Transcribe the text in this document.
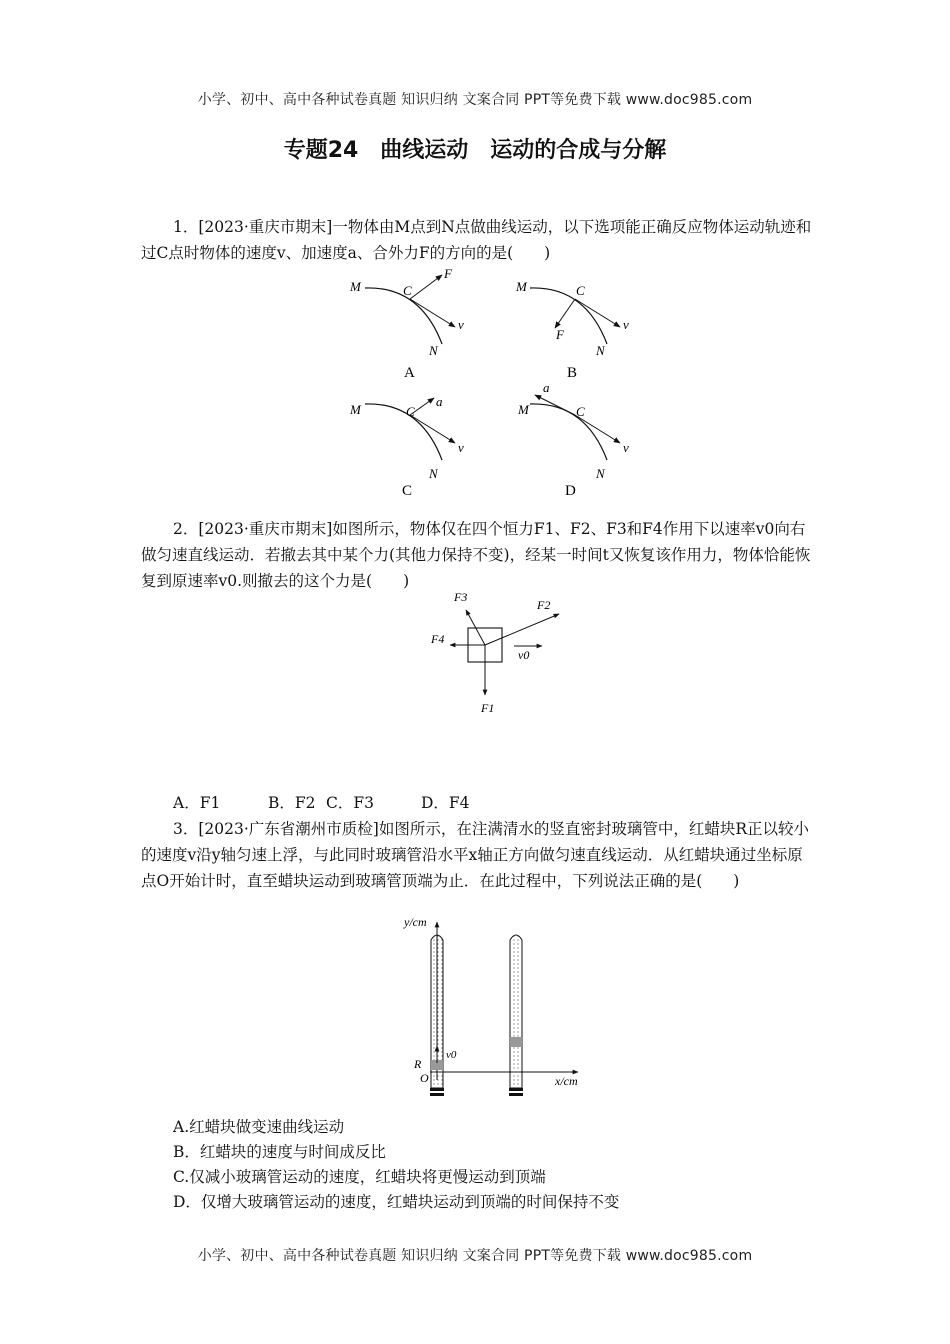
小学、初中、高中各种试卷真题 知识归纳 文案合同 PPT等免费下载 www.doc985.com
专题24　曲线运动　运动的合成与分解
1．[2023·重庆市期末]一物体由M点到N点做曲线运动，以下选项能正确反应物体运动轨迹和过C点时物体的速度v、加速度a、合外力F的方向的是(　　)
M	C
F
v
N
A
M	C
F
v
N
B
M	C
a
v
N
C
M	C
a
v
N
D
2．[2023·重庆市期末]如图所示，物体仅在四个恒力F1、F2、F3和F4作用下以速率v0向右做匀速直线运动．若撤去其中某个力(其他力保持不变)，经某一时间t又恢复该作用力，物体恰能恢复到原速率v0.则撤去的这个力是(　　)
F3
F2
F4
v0
F1
A．F1	B．F2 C．F3	D．F4
3．[2023·广东省潮州市质检]如图所示，在注满清水的竖直密封玻璃管中，红蜡块R正以较小的速度v沿y轴匀速上浮，与此同时玻璃管沿水平x轴正方向做匀速直线运动．从红蜡块通过坐标原点O开始计时，直至蜡块运动到玻璃管顶端为止．在此过程中，下列说法正确的是(　　)
y/cm
x/cm
R
O
v0
A.红蜡块做变速曲线运动
B．红蜡块的速度与时间成反比
C.仅减小玻璃管运动的速度，红蜡块将更慢运动到顶端
D．仅增大玻璃管运动的速度，红蜡块运动到顶端的时间保持不变
小学、初中、高中各种试卷真题 知识归纳 文案合同 PPT等免费下载 www.doc985.com
